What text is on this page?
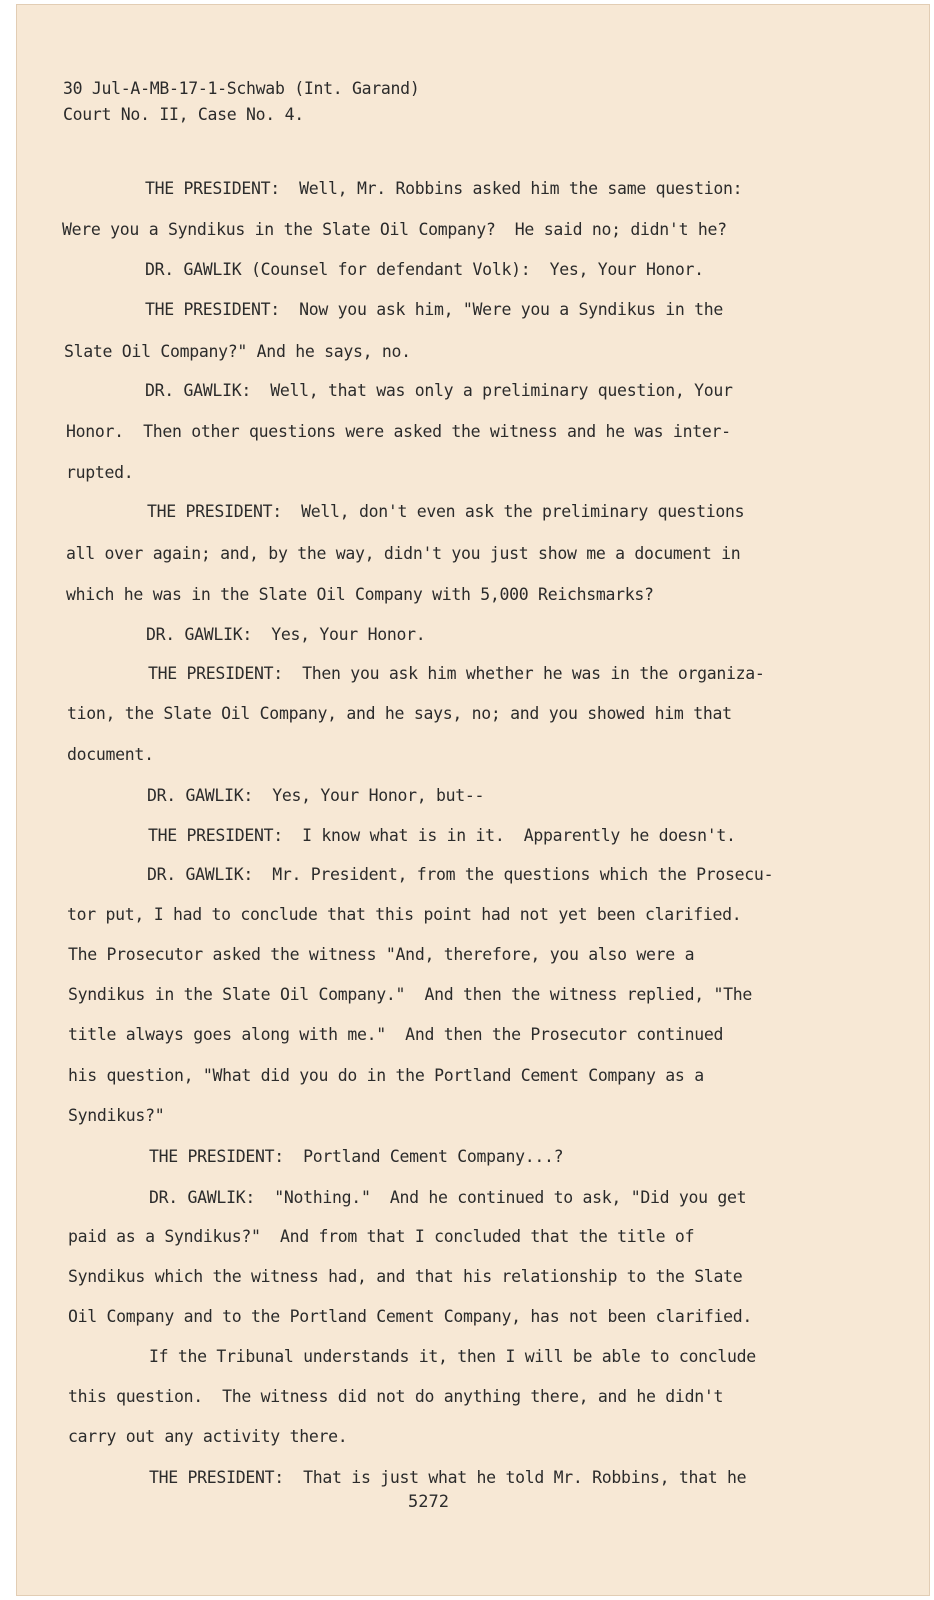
30 Jul-A-MB-17-1-Schwab (Int. Garand)
Court No. II, Case No. 4.
THE PRESIDENT:  Well, Mr. Robbins asked him the same question:
Were you a Syndikus in the Slate Oil Company?  He said no; didn't he?
DR. GAWLIK (Counsel for defendant Volk):  Yes, Your Honor.
THE PRESIDENT:  Now you ask him, "Were you a Syndikus in the
Slate Oil Company?" And he says, no.
DR. GAWLIK:  Well, that was only a preliminary question, Your
Honor.  Then other questions were asked the witness and he was inter-
rupted.
THE PRESIDENT:  Well, don't even ask the preliminary questions
all over again; and, by the way, didn't you just show me a document in
which he was in the Slate Oil Company with 5,000 Reichsmarks?
DR. GAWLIK:  Yes, Your Honor.
THE PRESIDENT:  Then you ask him whether he was in the organiza-
tion, the Slate Oil Company, and he says, no; and you showed him that
document.
DR. GAWLIK:  Yes, Your Honor, but--
THE PRESIDENT:  I know what is in it.  Apparently he doesn't.
DR. GAWLIK:  Mr. President, from the questions which the Prosecu-
tor put, I had to conclude that this point had not yet been clarified.
The Prosecutor asked the witness "And, therefore, you also were a
Syndikus in the Slate Oil Company."  And then the witness replied, "The
title always goes along with me."  And then the Prosecutor continued
his question, "What did you do in the Portland Cement Company as a
Syndikus?"
THE PRESIDENT:  Portland Cement Company...?
DR. GAWLIK:  "Nothing."  And he continued to ask, "Did you get
paid as a Syndikus?"  And from that I concluded that the title of
Syndikus which the witness had, and that his relationship to the Slate
Oil Company and to the Portland Cement Company, has not been clarified.
If the Tribunal understands it, then I will be able to conclude
this question.  The witness did not do anything there, and he didn't
carry out any activity there.
THE PRESIDENT:  That is just what he told Mr. Robbins, that he
5272
